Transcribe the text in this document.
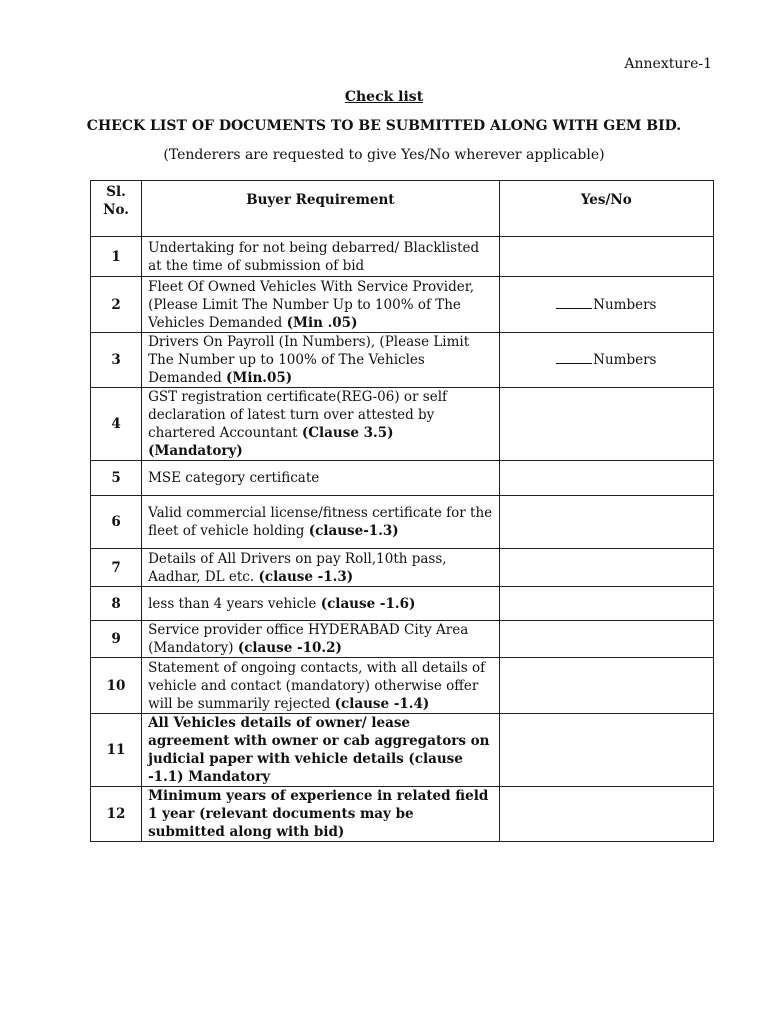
Annexture-1
Check list
CHECK LIST OF DOCUMENTS TO BE SUBMITTED ALONG WITH GEM BID.
(Tenderers are requested to give Yes/No wherever applicable)
Sl.
No.	Buyer Requirement	Yes/No
1	Undertaking for not being debarred/ Blacklisted at the time of submission of bid	
2	Fleet Of Owned Vehicles With Service Provider, (Please Limit The Number Up to 100% of The Vehicles Demanded (Min .05)	Numbers
3	Drivers On Payroll (In Numbers), (Please Limit The Number up to 100% of The Vehicles Demanded (Min.05)	Numbers
4	GST registration certificate(REG-06) or self declaration of latest turn over attested by chartered Accountant (Clause 3.5) (Mandatory)	
5	MSE category certificate	
6	Valid commercial license/fitness certificate for the fleet of vehicle holding (clause-1.3)	
7	Details of All Drivers on pay Roll,10th pass, Aadhar, DL etc. (clause -1.3)	
8	less than 4 years vehicle (clause -1.6)	
9	Service provider office HYDERABAD City Area (Mandatory) (clause -10.2)	
10	Statement of ongoing contacts, with all details of vehicle and contact (mandatory) otherwise offer will be summarily rejected (clause -1.4)	
11	All Vehicles details of owner/ lease agreement with owner or cab aggregators on judicial paper with vehicle details (clause -1.1) Mandatory	
12	Minimum years of experience in related field 1 year (relevant documents may be submitted along with bid)	
